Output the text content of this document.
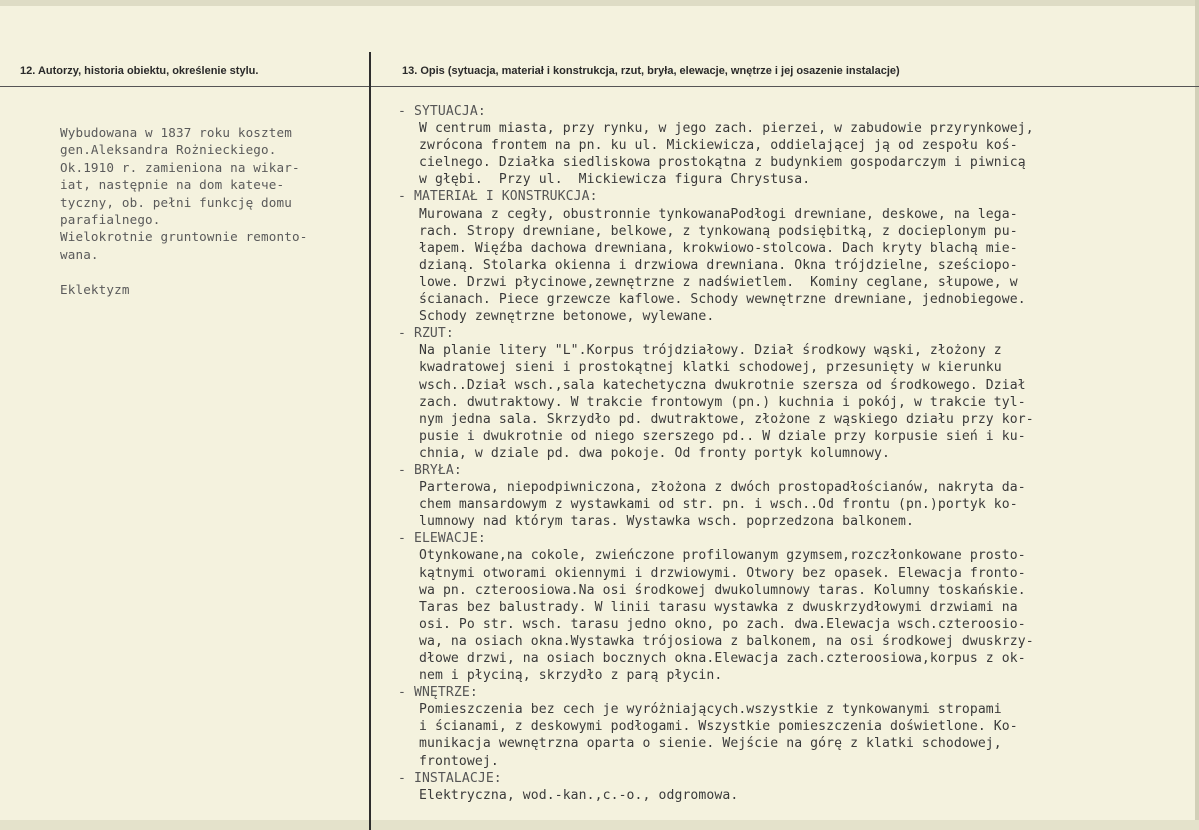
12. Autorzy, historia obiektu, określenie stylu.	13. Opis (sytuacja, materiał i konstrukcja, rzut, bryła, elewacje, wnętrze i jej osazenie instalacje)
Wybudowana w 1837 roku kosztem
gen.Aleksandra Rożnieckiego.
Ok.1910 r. zamieniona na wikar-
iat, następnie na dom katече-
tyczny, ob. pełni funkcję domu
parafialnego.
Wielokrotnie gruntownie remonto-
wana.
Eklektyzm
- SYTUACJA:
W centrum miasta, przy rynku, w jego zach. pierzei, w zabudowie przyrynkowej,
zwrócona frontem na pn. ku ul. Mickiewicza, oddielającej ją od zespołu koś-
cielnego. Działka siedliskowa prostokątna z budynkiem gospodarczym i piwnicą
w głębi.  Przy ul.  Mickiewicza figura Chrystusa.
- MATERIAŁ I KONSTRUKCJA:
Murowana z cegły, obustronnie tynkowanaPodłogi drewniane, deskowe, na lega-
rach. Stropy drewniane, belkowe, z tynkowaną podsiębitką, z docieplonym pu-
łapem. Więźba dachowa drewniana, krokwiowo-stolcowa. Dach kryty blachą mie-
dzianą. Stolarka okienna i drzwiowa drewniana. Okna trójdzielne, sześciopo-
lowe. Drzwi płycinowe,zewnętrzne z nadświetlem.  Kominy ceglane, słupowe, w
ścianach. Piece grzewcze kaflowe. Schody wewnętrzne drewniane, jednobiegowe.
Schody zewnętrzne betonowe, wylewane.
- RZUT:
Na planie litery "L".Korpus trójdziałowy. Dział środkowy wąski, złożony z
kwadratowej sieni i prostokątnej klatki schodowej, przesunięty w kierunku
wsch..Dział wsch.,sala katechetyczna dwukrotnie szersza od środkowego. Dział
zach. dwutraktowy. W trakcie frontowym (pn.) kuchnia i pokój, w trakcie tyl-
nym jedna sala. Skrzydło pd. dwutraktowe, złożone z wąskiego działu przy kor-
pusie i dwukrotnie od niego szerszego pd.. W dziale przy korpusie sień i ku-
chnia, w dziale pd. dwa pokoje. Od fronty portyk kolumnowy.
- BRYŁA:
Parterowa, niepodpiwniczona, złożona z dwóch prostopadłościanów, nakryta da-
chem mansardowym z wystawkami od str. pn. i wsch..Od frontu (pn.)portyk ko-
lumnowy nad którym taras. Wystawka wsch. poprzedzona balkonem.
- ELEWACJE:
Otynkowane,na cokole, zwieńczone profilowanym gzymsem,rozczłonkowane prosto-
kątnymi otworami okiennymi i drzwiowymi. Otwory bez opasek. Elewacja fronto-
wa pn. czteroosiowa.Na osi środkowej dwukolumnowy taras. Kolumny toskańskie.
Taras bez balustrady. W linii tarasu wystawka z dwuskrzydłowymi drzwiami na
osi. Po str. wsch. tarasu jedno okno, po zach. dwa.Elewacja wsch.czteroosio-
wa, na osiach okna.Wystawka trójosiowa z balkonem, na osi środkowej dwuskrzy-
dłowe drzwi, na osiach bocznych okna.Elewacja zach.czteroosiowa,korpus z ok-
nem i płyciną, skrzydło z parą płycin.
- WNĘTRZE:
Pomieszczenia bez cech je wyróżniających.wszystkie z tynkowanymi stropami
i ścianami, z deskowymi podłogami. Wszystkie pomieszczenia doświetlone. Ko-
munikacja wewnętrzna oparta o sienie. Wejście na górę z klatki schodowej,
frontowej.
- INSTALACJE:
Elektryczna, wod.-kan.,c.-o., odgromowa.
